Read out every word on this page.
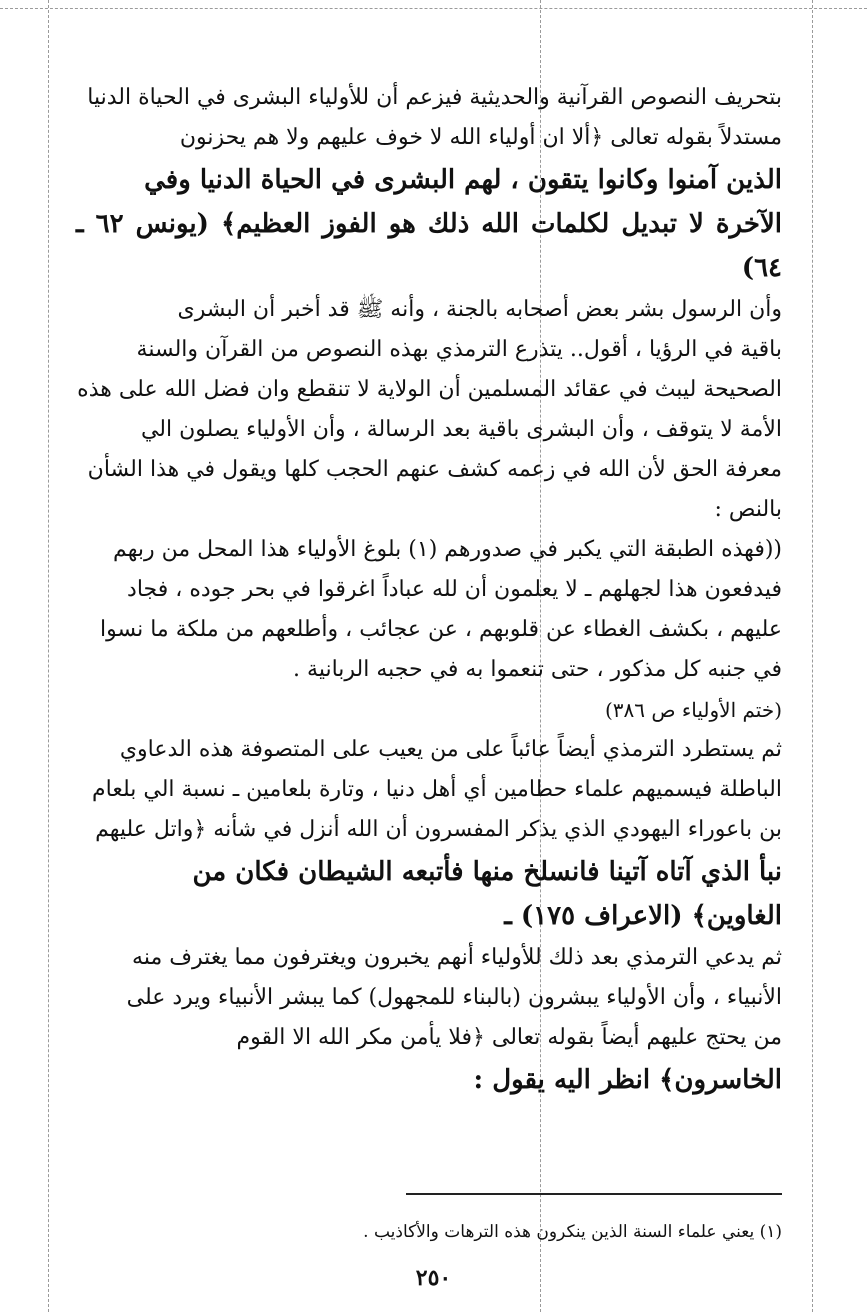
بتحريف النصوص القرآنية والحديثية فيزعم أن للأولياء البشرى في الحياة الدنيا
مستدلاً بقوله تعالى ﴿ألا ان أولياء الله لا خوف عليهم ولا هم يحزنون
الذين آمنوا وكانوا يتقون ، لهم البشرى في الحياة الدنيا وفي
الآخرة لا تبديل لكلمات الله ذلك هو الفوز العظيم﴾ (يونس ٦٢ ـ ٦٤)
وأن الرسول بشر بعض أصحابه بالجنة ، وأنه ﷺ قد أخبر أن البشرى
باقية في الرؤيا ، أقول.. يتذرع الترمذي بهذه النصوص من القرآن والسنة
الصحيحة ليبث في عقائد المسلمين أن الولاية لا تنقطع وان فضل الله على هذه
الأمة لا يتوقف ، وأن البشرى باقية بعد الرسالة ، وأن الأولياء يصلون الي
معرفة الحق لأن الله في زعمه كشف عنهم الحجب كلها ويقول في هذا الشأن
بالنص :
((فهذه الطبقة التي يكبر في صدورهم (١) بلوغ الأولياء هذا المحل من ربهم
فيدفعون هذا لجهلهم ـ لا يعلمون أن لله عباداً اغرقوا في بحر جوده ، فجاد
عليهم ، بكشف الغطاء عن قلوبهم ، عن عجائب ، وأطلعهم من ملكة ما نسوا
في جنبه كل مذكور ، حتى تنعموا به في حجبه الربانية .
(ختم الأولياء ص ٣٨٦)
ثم يستطرد الترمذي أيضاً عائباً على من يعيب على المتصوفة هذه الدعاوي
الباطلة فيسميهم علماء حطامين أي أهل دنيا ، وتارة بلعامين ـ نسبة الي بلعام
بن باعوراء اليهودي الذي يذكر المفسرون أن الله أنزل في شأنه ﴿واتل عليهم
نبأ الذي آتاه آتينا فانسلخ منها فأتبعه الشيطان فكان من
الغاوين﴾ (الاعراف ١٧٥) ـ
ثم يدعي الترمذي بعد ذلك للأولياء أنهم يخبرون ويغترفون مما يغترف منه
الأنبياء ، وأن الأولياء يبشرون (بالبناء للمجهول) كما يبشر الأنبياء ويرد على
من يحتج عليهم أيضاً بقوله تعالى ﴿فلا يأمن مكر الله الا القوم
الخاسرون﴾ انظر اليه يقول :
(١) يعني علماء السنة الذين ينكرون هذه الترهات والأكاذيب .
٢٥٠
